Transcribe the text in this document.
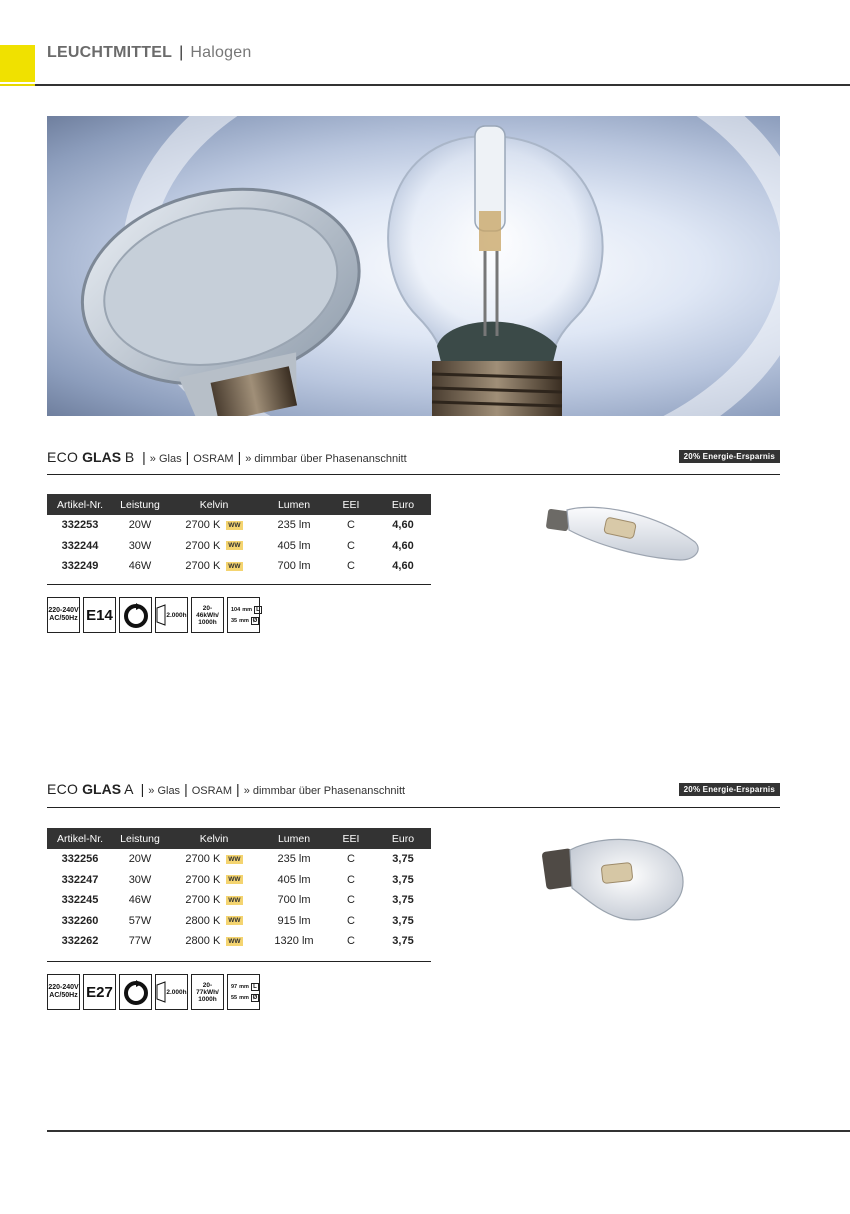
LEUCHTMITTEL | Halogen
ECO GLAS B | » Glas | OSRAM | » dimmbar über Phasenanschnitt	20% Energie-Ersparnis
Artikel-Nr.	Leistung	Kelvin	Lumen	EEI	Euro
332253	20W	2700 K WW	235 lm	C	4,60
332244	30W	2700 K WW	405 lm	C	4,60
332249	46W	2700 K WW	700 lm	C	4,60
220-240V
AC/50Hz E14	2.000h
20-46kWh/
1000h
104 mm L
35 mm Ø
ECO GLAS A | » Glas | OSRAM | » dimmbar über Phasenanschnitt	20% Energie-Ersparnis
Artikel-Nr.	Leistung	Kelvin	Lumen	EEI	Euro
332256	20W	2700 K WW	235 lm	C	3,75
332247	30W	2700 K WW	405 lm	C	3,75
332245	46W	2700 K WW	700 lm	C	3,75
332260	57W	2800 K WW	915 lm	C	3,75
332262	77W	2800 K WW	1320 lm	C	3,75
220-240V
AC/50Hz E27	2.000h
20-77kWh/
1000h
97 mm L
55 mm Ø
